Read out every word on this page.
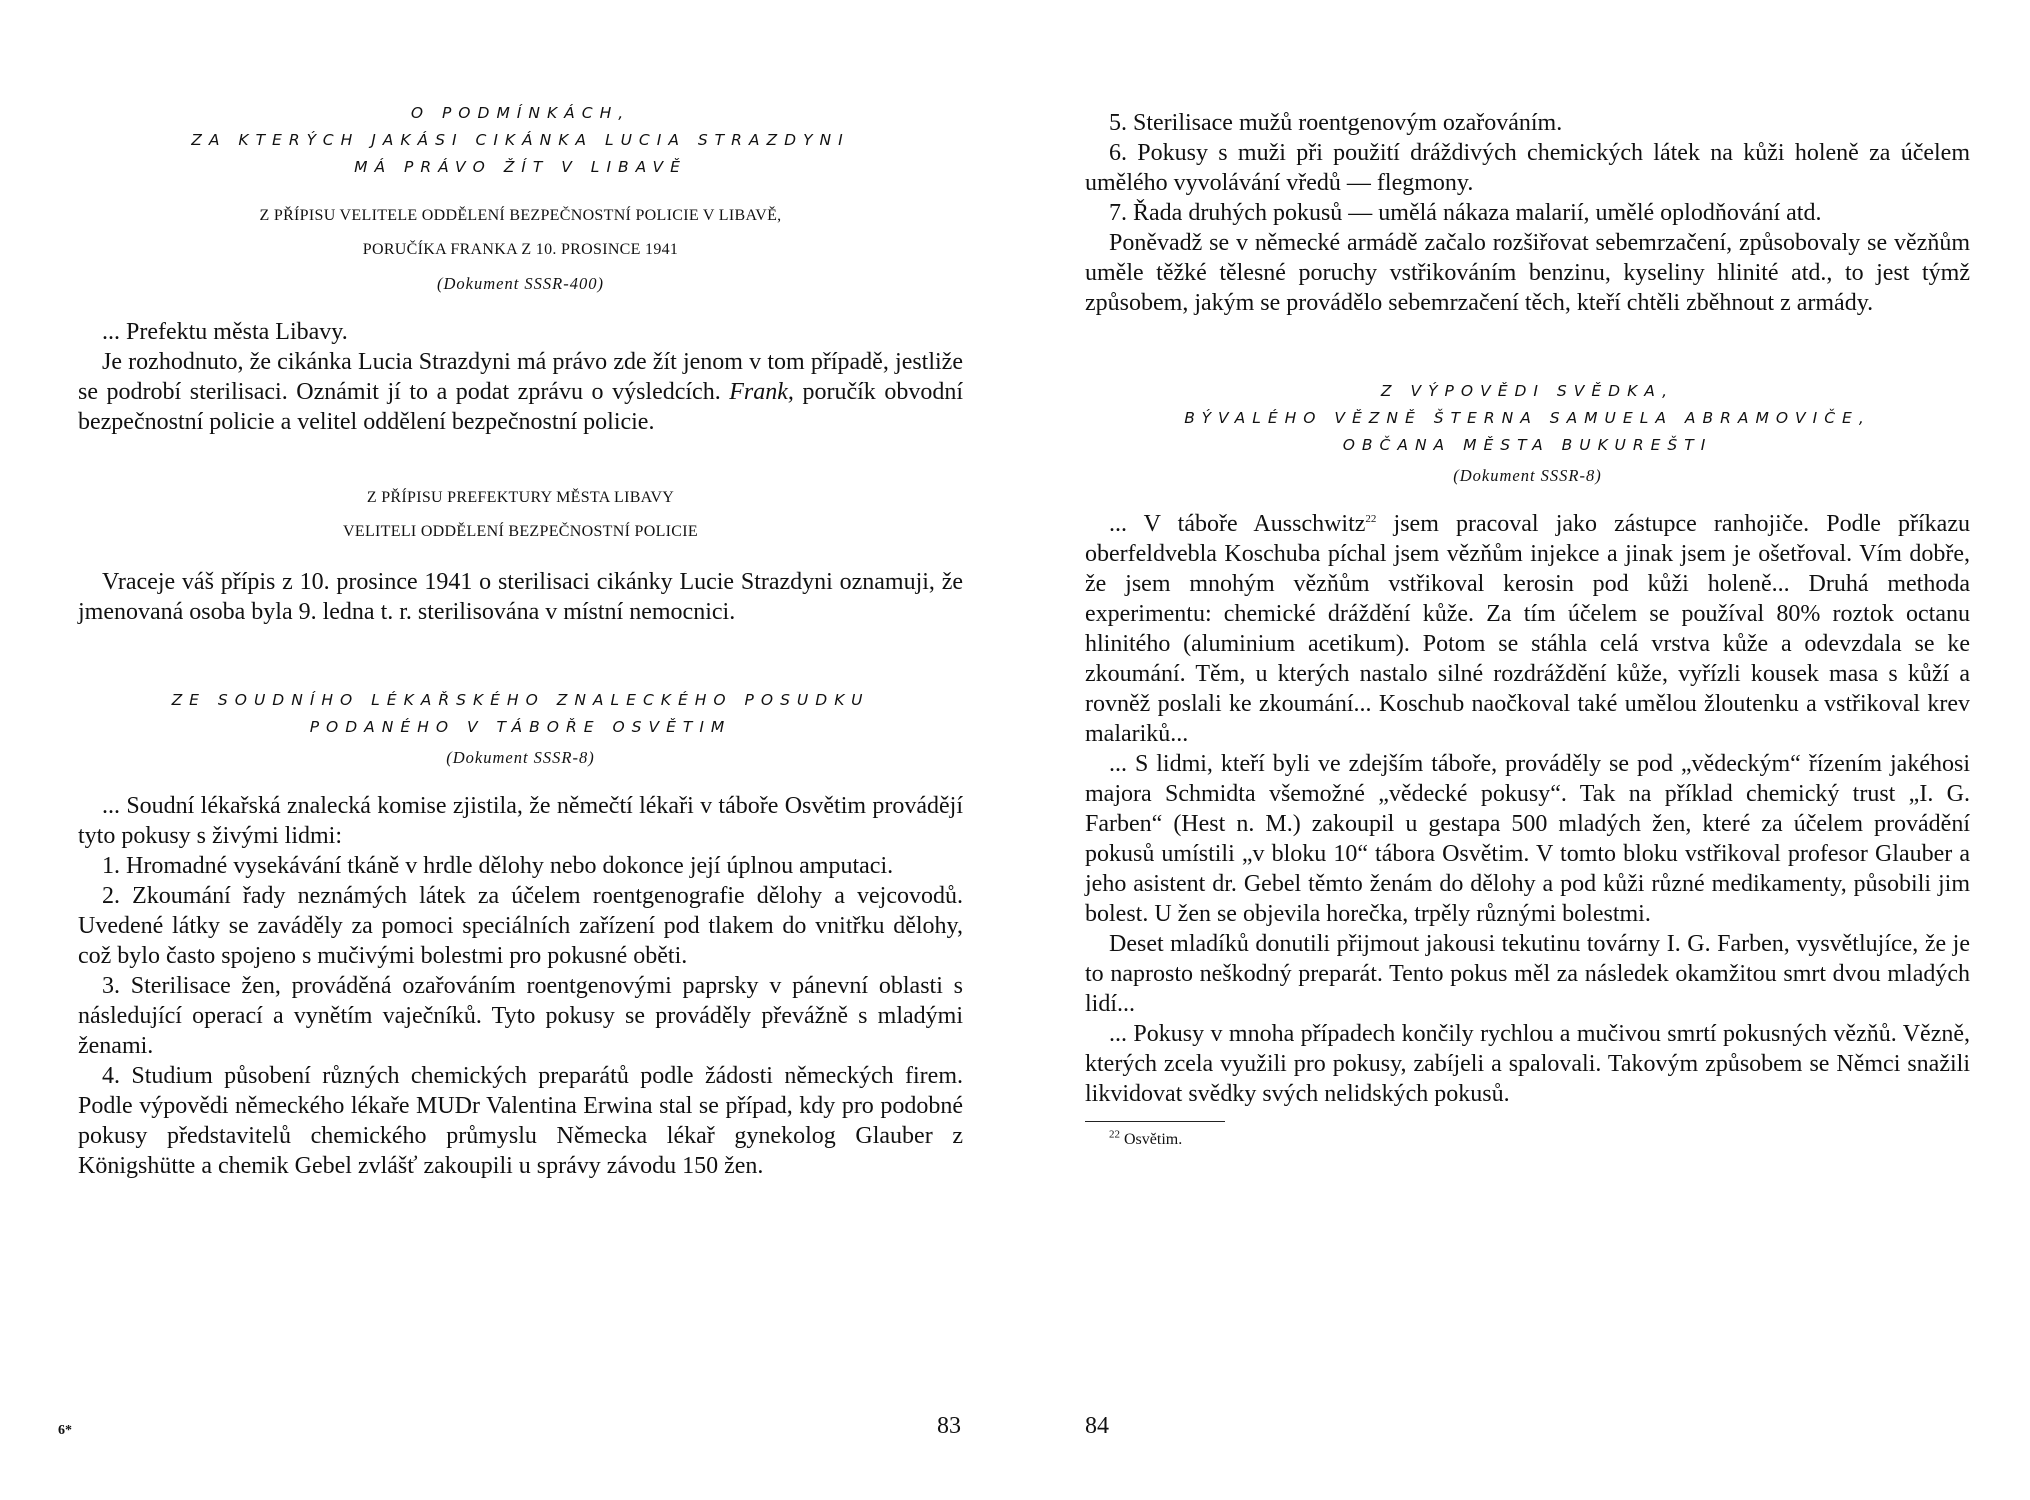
O PODMÍNKÁCH,

ZA KTERÝCH JAKÁSI CIKÁNKA LUCIA STRAZDYNI

MÁ PRÁVO ŽÍT V LIBAVĚ

Z PŘÍPISU VELITELE ODDĚLENÍ BEZPEČNOSTNÍ POLICIE V LIBAVĚ,

PORUČÍKA FRANKA Z 10. PROSINCE 1941

(Dokument SSSR-400)

... Prefektu města Libavy.

Je rozhodnuto, že cikánka Lucia Strazdyni má právo zde žít jenom v tom případě, jestliže se podrobí sterilisaci. Oznámit jí to a podat zprávu o výsledcích. Frank, poručík obvodní bezpečnostní policie a velitel oddělení bezpečnostní policie.

Z PŘÍPISU PREFEKTURY MĚSTA LIBAVY

VELITELI ODDĚLENÍ BEZPEČNOSTNÍ POLICIE

Vraceje váš přípis z 10. prosince 1941 o sterilisaci cikánky Lucie Strazdyni oznamuji, že jmenovaná osoba byla 9. ledna t. r. sterilisována v místní nemocnici.

ZE SOUDNÍHO LÉKAŘSKÉHO ZNALECKÉHO POSUDKU

PODANÉHO V TÁBOŘE OSVĚTIM

(Dokument SSSR-8)

... Soudní lékařská znalecká komise zjistila, že němečtí lékaři v táboře Osvětim provádějí tyto pokusy s živými lidmi:

1. Hromadné vysekávání tkáně v hrdle dělohy nebo dokonce její úplnou amputaci.

2. Zkoumání řady neznámých látek za účelem roentgenografie dělohy a vejcovodů. Uvedené látky se zaváděly za pomoci speciálních zařízení pod tlakem do vnitřku dělohy, což bylo často spojeno s mučivými bolestmi pro pokusné oběti.

3. Sterilisace žen, prováděná ozařováním roentgenovými paprsky v pánevní oblasti s následující operací a vynětím vaječníků. Tyto pokusy se prováděly převážně s mladými ženami.

4. Studium působení různých chemických preparátů podle žádosti německých firem. Podle výpovědi německého lékaře MUDr Valentina Erwina stal se případ, kdy pro podobné pokusy představitelů chemického průmyslu Německa lékař gynekolog Glauber z Königshütte a chemik Gebel zvlášť zakoupili u správy závodu 150 žen.

6*	83

5. Sterilisace mužů roentgenovým ozařováním.

6. Pokusy s muži při použití dráždivých chemických látek na kůži holeně za účelem umělého vyvolávání vředů — flegmony.

7. Řada druhých pokusů — umělá nákaza malarií, umělé oplodňování atd.

Poněvadž se v německé armádě začalo rozšiřovat sebemrzačení, způsobovaly se vězňům uměle těžké tělesné poruchy vstřikováním benzinu, kyseliny hlinité atd., to jest týmž způsobem, jakým se provádělo sebemrzačení těch, kteří chtěli zběhnout z armády.

Z VÝPOVĚDI SVĚDKA,

BÝVALÉHO VĚZNĚ ŠTERNA SAMUELA ABRAMOVIČE,

OBČANA MĚSTA BUKUREŠTI

(Dokument SSSR-8)

... V táboře Ausschwitz$^{22}$ jsem pracoval jako zástupce ranhojiče. Podle příkazu oberfeldvebla Koschuba píchal jsem vězňům injekce a jinak jsem je ošetřoval. Vím dobře, že jsem mnohým vězňům vstřikoval kerosin pod kůži holeně... Druhá methoda experimentu: chemické dráždění kůže. Za tím účelem se používal 80% roztok octanu hlinitého (aluminium acetikum). Potom se stáhla celá vrstva kůže a odevzdala se ke zkoumání. Těm, u kterých nastalo silné rozdráždění kůže, vyřízli kousek masa s kůží a rovněž poslali ke zkoumání... Koschub naočkoval také umělou žloutenku a vstřikoval krev malariků...

... S lidmi, kteří byli ve zdejším táboře, prováděly se pod „vědeckým“ řízením jakéhosi majora Schmidta všemožné „vědecké pokusy“. Tak na příklad chemický trust „I. G. Farben“ (Hest n. M.) zakoupil u gestapa 500 mladých žen, které za účelem provádění pokusů umístili „v bloku 10“ tábora Osvětim. V tomto bloku vstřikoval profesor Glauber a jeho asistent dr. Gebel těmto ženám do dělohy a pod kůži různé medikamenty, působili jim bolest. U žen se objevila horečka, trpěly různými bolestmi.

Deset mladíků donutili přijmout jakousi tekutinu továrny I. G. Farben, vysvětlujíce, že je to naprosto neškodný preparát. Tento pokus měl za následek okamžitou smrt dvou mladých lidí...

... Pokusy v mnoha případech končily rychlou a mučivou smrtí pokusných vězňů. Vězně, kterých zcela využili pro pokusy, zabíjeli a spalovali. Takovým způsobem se Němci snažili likvidovat svědky svých nelidských pokusů.

$^{22}$ Osvětim.

84
